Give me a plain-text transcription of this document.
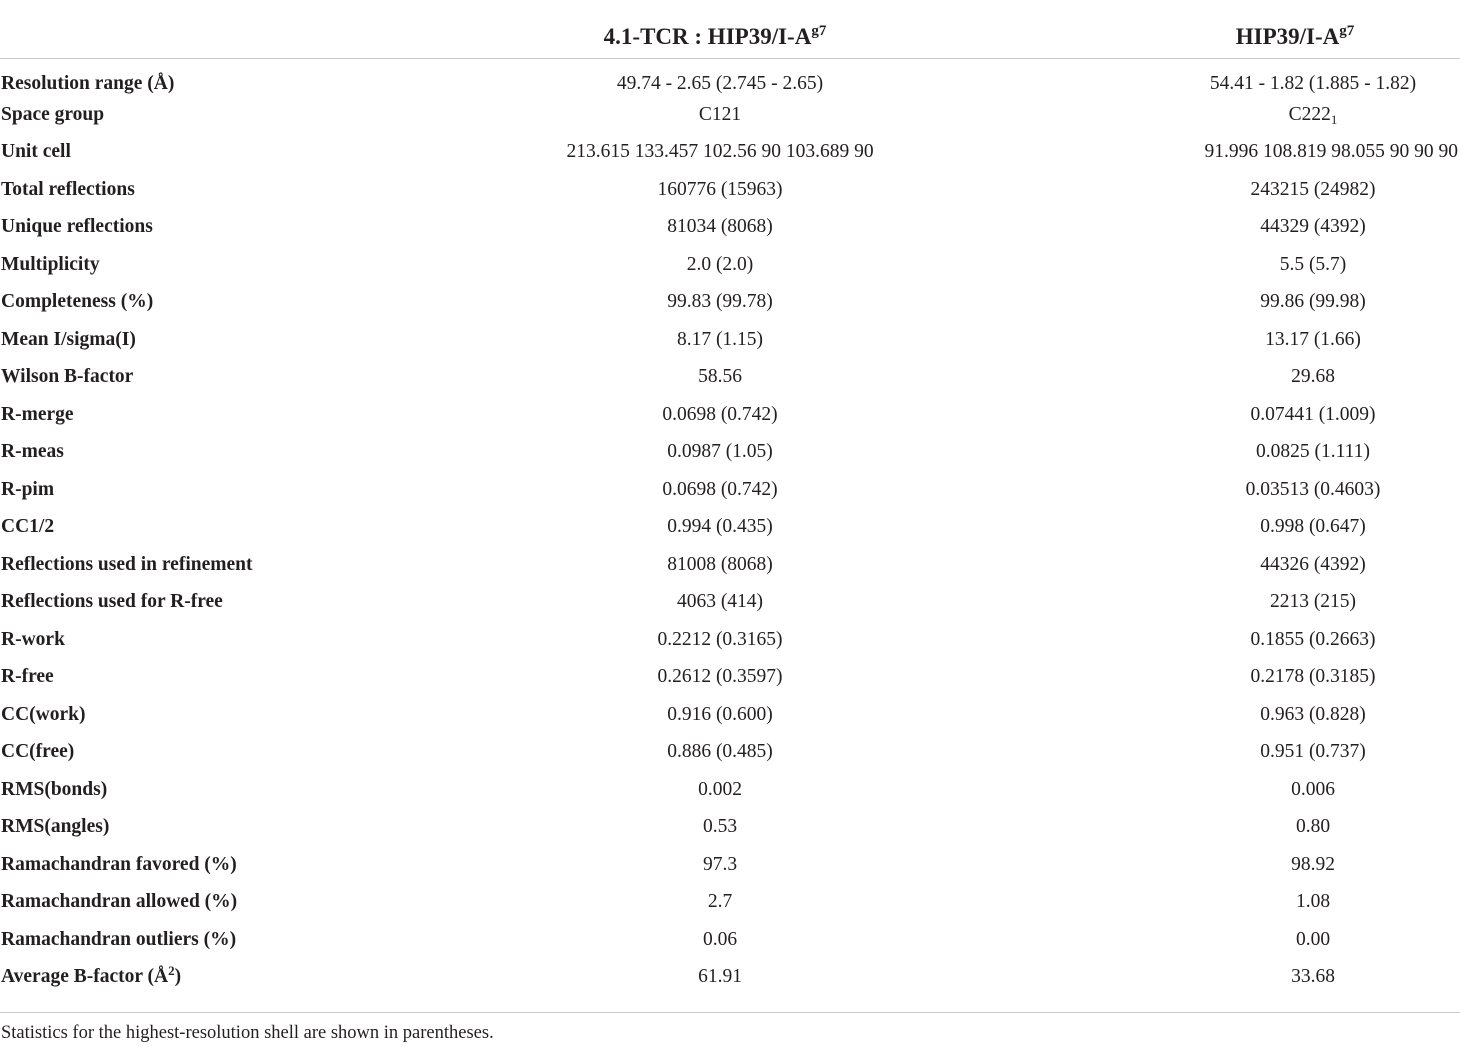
	4.1-TCR : $HIP39/I-A^{g7}$	$HIP39/I-A^{g7}$
Resolution range (Å)	49.74 - 2.65 (2.745 - 2.65)	54.41 - 1.82 (1.885 - 1.82)
Space group	C121	$C222_1$
Unit cell	213.615 133.457 102.56 90 103.689 90	91.996 108.819 98.055 90 90 90
Total reflections	160776 (15963)	243215 (24982)
Unique reflections	81034 (8068)	44329 (4392)
Multiplicity	2.0 (2.0)	5.5 (5.7)
Completeness (%)	99.83 (99.78)	99.86 (99.98)
Mean I/sigma(I)	8.17 (1.15)	13.17 (1.66)
Wilson B-factor	58.56	29.68
R-merge	0.0698 (0.742)	0.07441 (1.009)
R-meas	0.0987 (1.05)	0.0825 (1.111)
R-pim	0.0698 (0.742)	0.03513 (0.4603)
CC1/2	0.994 (0.435)	0.998 (0.647)
Reflections used in refinement	81008 (8068)	44326 (4392)
Reflections used for R-free	4063 (414)	2213 (215)
R-work	0.2212 (0.3165)	0.1855 (0.2663)
R-free	0.2612 (0.3597)	0.2178 (0.3185)
CC(work)	0.916 (0.600)	0.963 (0.828)
CC(free)	0.886 (0.485)	0.951 (0.737)
RMS(bonds)	0.002	0.006
RMS(angles)	0.53	0.80
Ramachandran favored (%)	97.3	98.92
Ramachandran allowed (%)	2.7	1.08
Ramachandran outliers (%)	0.06	0.00
Average B-factor $(Å^2)$	61.91	33.68
Statistics for the highest-resolution shell are shown in parentheses.
